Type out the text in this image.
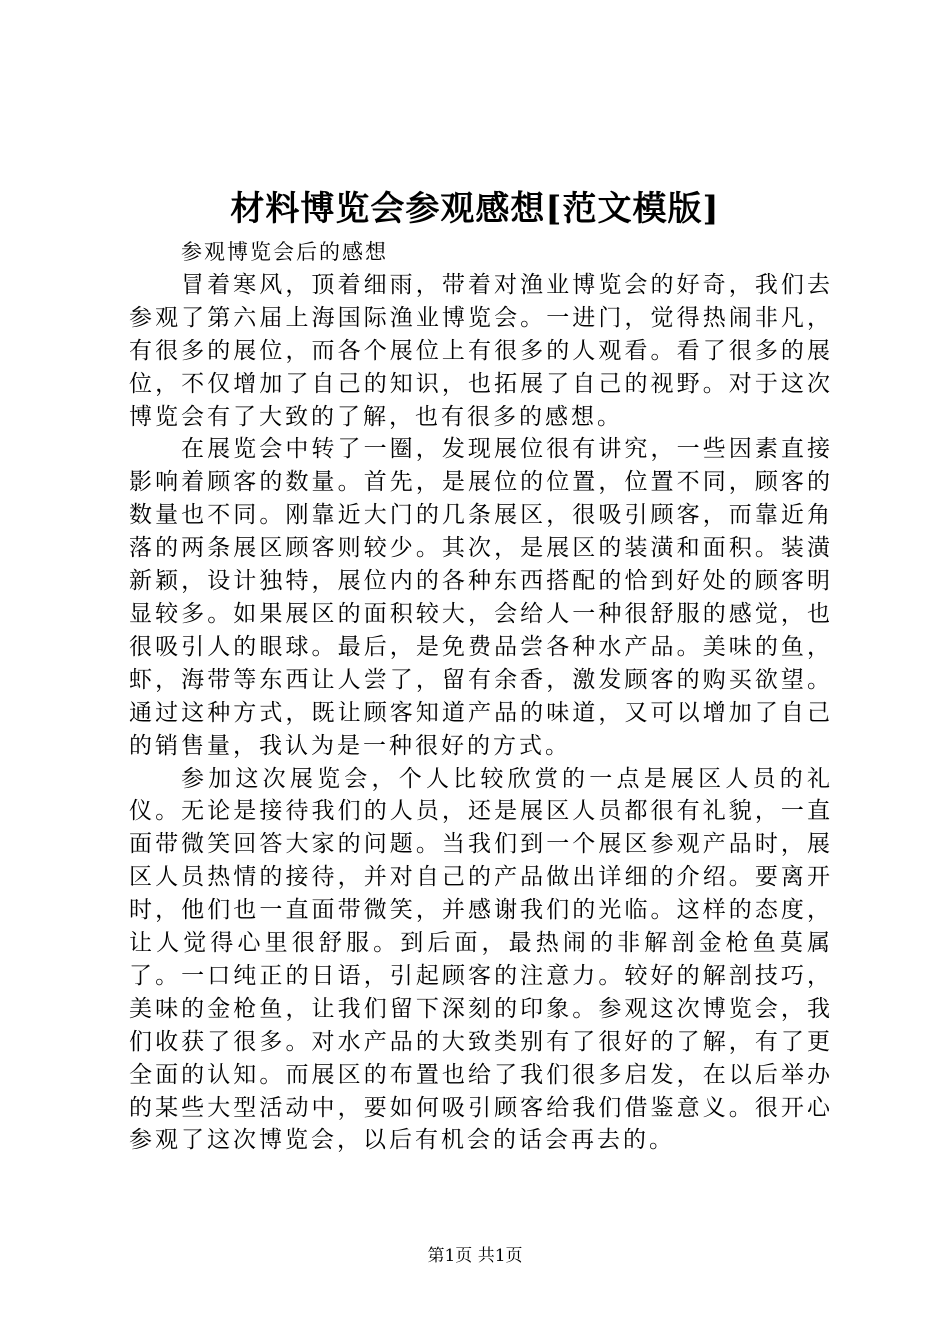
材料博览会参观感想[范文模版]

参观博览会后的感想

冒着寒风，顶着细雨，带着对渔业博览会的好奇，我们去参观了第六届上海国际渔业博览会。一进门，觉得热闹非凡，有很多的展位，而各个展位上有很多的人观看。看了很多的展位，不仅增加了自己的知识，也拓展了自己的视野。对于这次博览会有了大致的了解，也有很多的感想。

在展览会中转了一圈，发现展位很有讲究，一些因素直接影响着顾客的数量。首先，是展位的位置，位置不同，顾客的数量也不同。刚靠近大门的几条展区，很吸引顾客，而靠近角落的两条展区顾客则较少。其次，是展区的装潢和面积。装潢新颖，设计独特，展位内的各种东西搭配的恰到好处的顾客明显较多。如果展区的面积较大，会给人一种很舒服的感觉，也很吸引人的眼球。最后，是免费品尝各种水产品。美味的鱼，虾，海带等东西让人尝了，留有余香，激发顾客的购买欲望。通过这种方式，既让顾客知道产品的味道，又可以增加了自己的销售量，我认为是一种很好的方式。

参加这次展览会，个人比较欣赏的一点是展区人员的礼仪。无论是接待我们的人员，还是展区人员都很有礼貌，一直面带微笑回答大家的问题。当我们到一个展区参观产品时，展区人员热情的接待，并对自己的产品做出详细的介绍。要离开时，他们也一直面带微笑，并感谢我们的光临。这样的态度，让人觉得心里很舒服。到后面，最热闹的非解剖金枪鱼莫属了。一口纯正的日语，引起顾客的注意力。较好的解剖技巧，美味的金枪鱼，让我们留下深刻的印象。参观这次博览会，我们收获了很多。对水产品的大致类别有了很好的了解，有了更全面的认知。而展区的布置也给了我们很多启发，在以后举办的某些大型活动中，要如何吸引顾客给我们借鉴意义。很开心参观了这次博览会，以后有机会的话会再去的。

第1页 共1页
